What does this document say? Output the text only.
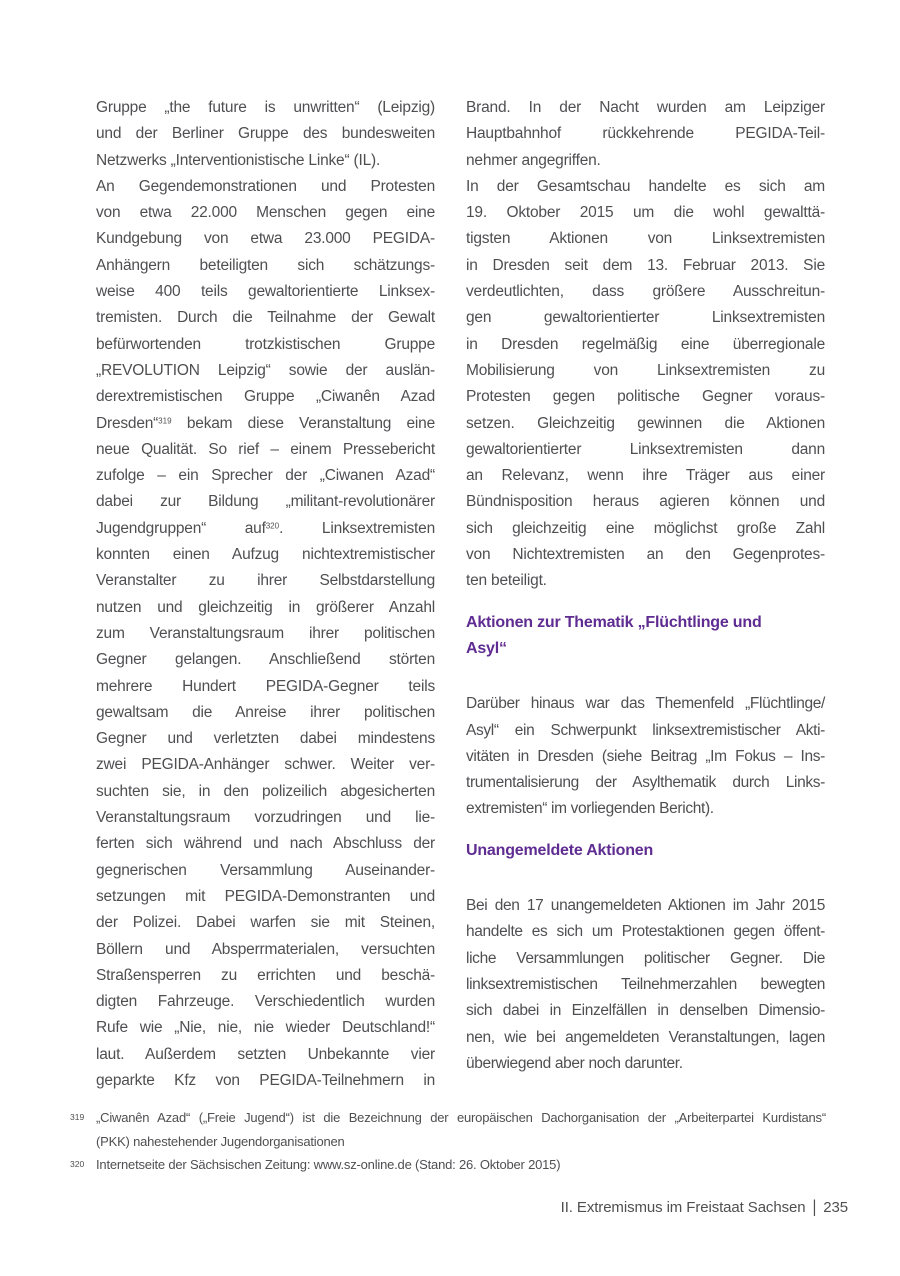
Gruppe „the future is unwritten“ (Leipzig)
und der Berliner Gruppe des bundesweiten
Netzwerks „Interventionistische Linke“ (IL).
An Gegendemonstrationen und Protesten
von etwa 22.000 Menschen gegen eine
Kundgebung von etwa 23.000 PEGIDA-
Anhängern beteiligten sich schätzungs-
weise 400 teils gewaltorientierte Linksex-
tremisten. Durch die Teilnahme der Gewalt
befürwortenden trotzkistischen Gruppe
„REVOLUTION Leipzig“ sowie der auslän-
derextremistischen Gruppe „Ciwanên Azad
Dresden“$^{319}$ bekam diese Veranstaltung eine
neue Qualität. So rief – einem Pressebericht
zufolge – ein Sprecher der „Ciwanen Azad“
dabei zur Bildung „militant-revolutionärer
Jugendgruppen“ auf$^{320}$. Linksextremisten
konnten einen Aufzug nichtextremistischer
Veranstalter zu ihrer Selbstdarstellung
nutzen und gleichzeitig in größerer Anzahl
zum Veranstaltungsraum ihrer politischen
Gegner gelangen. Anschließend störten
mehrere Hundert PEGIDA-Gegner teils
gewaltsam die Anreise ihrer politischen
Gegner und verletzten dabei mindestens
zwei PEGIDA-Anhänger schwer. Weiter ver-
suchten sie, in den polizeilich abgesicherten
Veranstaltungsraum vorzudringen und lie-
ferten sich während und nach Abschluss der
gegnerischen Versammlung Auseinander-
setzungen mit PEGIDA-Demonstranten und
der Polizei. Dabei warfen sie mit Steinen,
Böllern und Absperrmaterialen, versuchten
Straßensperren zu errichten und beschä-
digten Fahrzeuge. Verschiedentlich wurden
Rufe wie „Nie, nie, nie wieder Deutschland!“
laut. Außerdem setzten Unbekannte vier
geparkte Kfz von PEGIDA-Teilnehmern in
Brand. In der Nacht wurden am Leipziger
Hauptbahnhof rückkehrende PEGIDA-Teil-
nehmer angegriffen.
In der Gesamtschau handelte es sich am
19. Oktober 2015 um die wohl gewalttä-
tigsten Aktionen von Linksextremisten
in Dresden seit dem 13. Februar 2013. Sie
verdeutlichten, dass größere Ausschreitun-
gen gewaltorientierter Linksextremisten
in Dresden regelmäßig eine überregionale
Mobilisierung von Linksextremisten zu
Protesten gegen politische Gegner voraus-
setzen. Gleichzeitig gewinnen die Aktionen
gewaltorientierter Linksextremisten dann
an Relevanz, wenn ihre Träger aus einer
Bündnisposition heraus agieren können und
sich gleichzeitig eine möglichst große Zahl
von Nichtextremisten an den Gegenprotes-
ten beteiligt.
Aktionen zur Thematik „Flüchtlinge und
Asyl“
Darüber hinaus war das Themenfeld „Flüchtlinge/
Asyl“ ein Schwerpunkt linksextremistischer Akti-
vitäten in Dresden (siehe Beitrag „Im Fokus – Ins-
trumentalisierung der Asylthematik durch Links-
extremisten“ im vorliegenden Bericht).
Unangemeldete Aktionen
Bei den 17 unangemeldeten Aktionen im Jahr 2015
handelte es sich um Protestaktionen gegen öffent-
liche Versammlungen politischer Gegner. Die
linksextremistischen Teilnehmerzahlen bewegten
sich dabei in Einzelfällen in denselben Dimensio-
nen, wie bei angemeldeten Veranstaltungen, lagen
überwiegend aber noch darunter.
319 „Ciwanên Azad“ („Freie Jugend“) ist die Bezeichnung der europäischen Dachorganisation der „Arbeiterpartei Kurdistans“
(PKK) nahestehender Jugendorganisationen
320 Internetseite der Sächsischen Zeitung: www.sz-online.de (Stand: 26. Oktober 2015)
II. Extremismus im Freistaat Sachsen | 235
